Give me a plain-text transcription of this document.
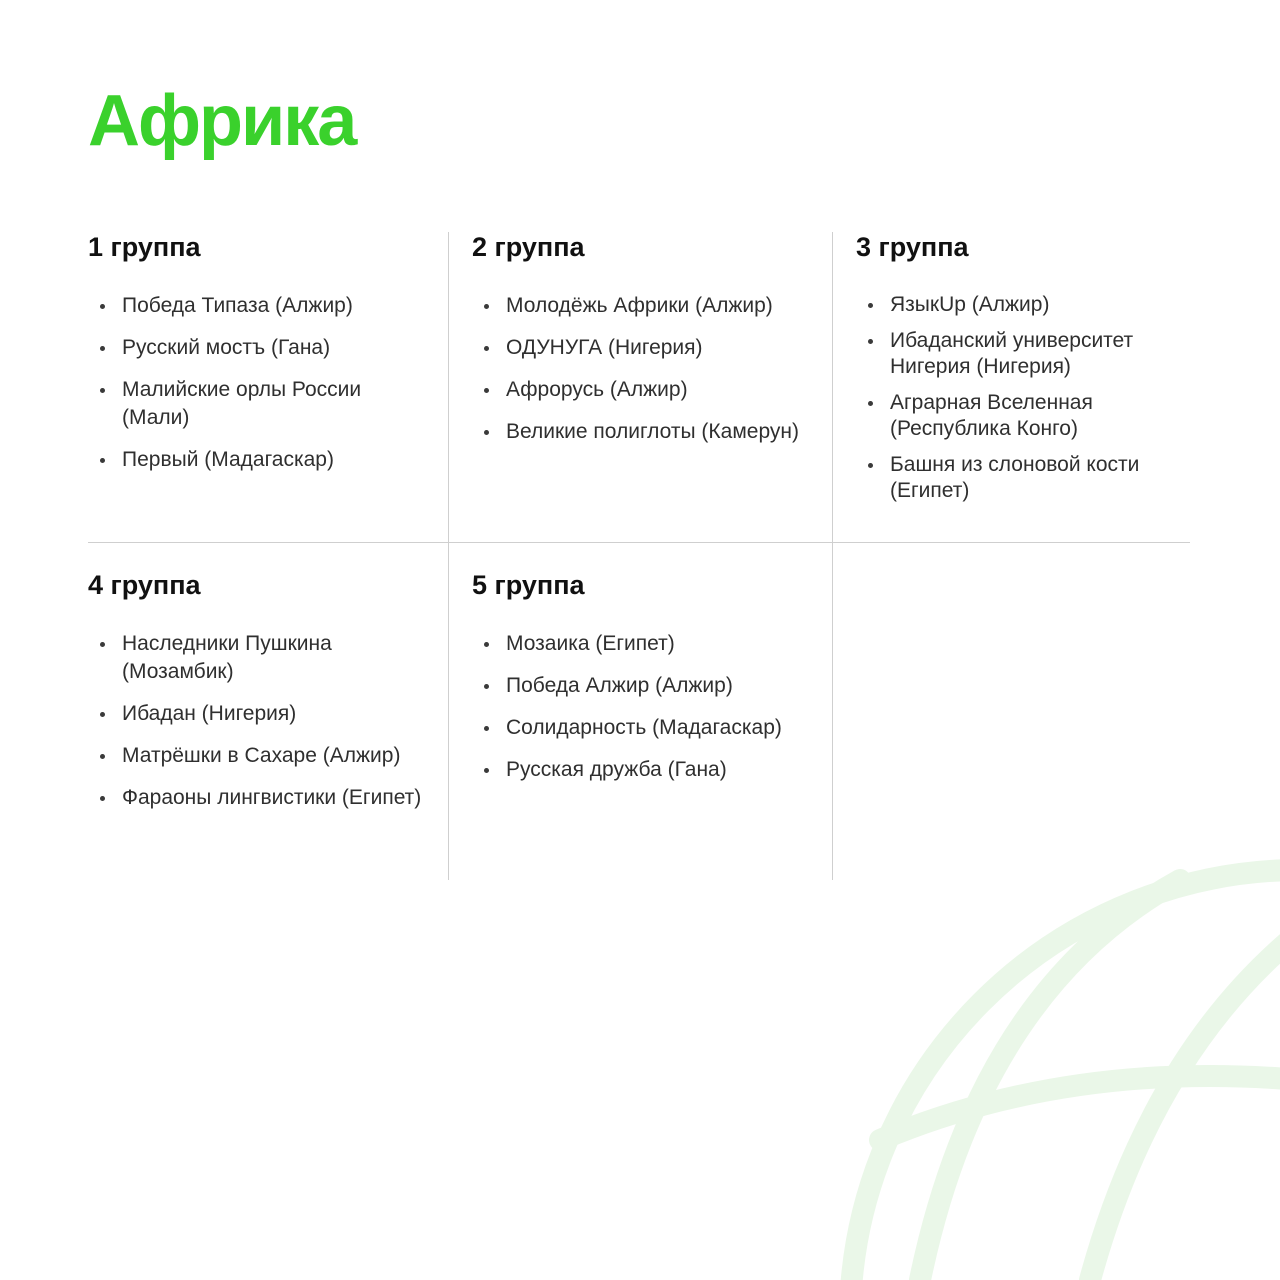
Африка
1 группа
Победа Типаза (Алжир)
Русский мостъ (Гана)
Малийские орлы России (Мали)
Первый (Мадагаскар)
2 группа
Молодёжь Африки (Алжир)
ОДУНУГА (Нигерия)
Афрорусь (Алжир)
Великие полиглоты (Камерун)
3 группа
ЯзыкUp (Алжир)
Ибаданский университет Нигерия (Нигерия)
Аграрная Вселенная (Республика Конго)
Башня из слоновой кости (Египет)
4 группа
Наследники Пушкина (Мозамбик)
Ибадан (Нигерия)
Матрёшки в Сахаре (Алжир)
Фараоны лингвистики (Египет)
5 группа
Мозаика (Египет)
Победа Алжир (Алжир)
Солидарность (Мадагаскар)
Русская дружба (Гана)
